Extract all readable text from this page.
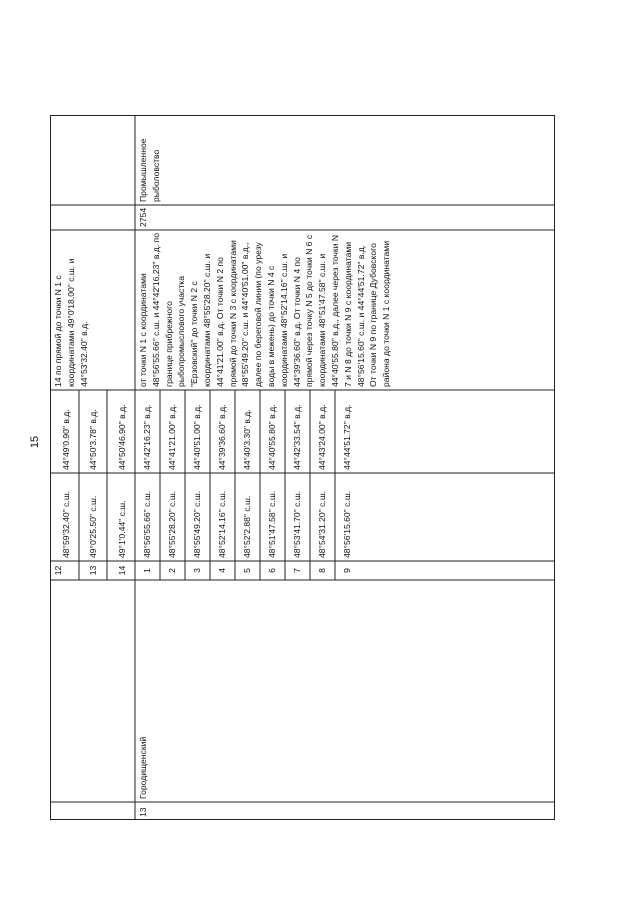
15
12
48°59'32.40" с.ш.
44°49'0.90" в.д.
13
49°0'25.50" с.ш.
44°50'3.78" в.д.
14
49°1'0.44" с.ш.
44°50'46.90" в.д.
14 по прямой до точки N 1 с координатами 49°0'18.00" с.ш. и 44°53'32.40" в.д.
13
Городищенский
2754
Промышленное рыболовство
1
48°56'55.66" с.ш.
44°42'16.23" в.д.
2
48°55'28.20" с.ш.
44°41'21.00" в.д.
3
48°55'49.20" с.ш.
44°40'51.00" в.д.
4
48°52'14.16" с.ш.
44°39'36.60" в.д.
5
48°52'2.88" с.ш.
44°40'3.30" в.д.
6
48°51'47.58" с.ш.
44°40'55.80" в.д.
7
48°53'41.70" с.ш.
44°42'33.54" в.д.
8
48°54'31.20" с.ш.
44°43'24.00" в.д.
9
48°56'15.60" с.ш.
44°44'51.72" в.д.
от точки N 1 с координатами 48°56'55.66" с.ш. и 44°42'16.23" в.д. по границе прибрежного рыбопромыслового участка "Ерзовский" до точки N 2 с координатами 48°55'28.20" с.ш. и 44°41'21.00" в.д. От точки N 2 по прямой до точки N 3 с координатами 48°55'49.20" с.ш. и 44°40'51.00" в.д., далее по береговой линии (по урезу воды в межень) до точки N 4 с координатами 48°52'14.16" с.ш. и 44°39'36.60" в.д. От точки N 4 по прямой через точку N 5 до точки N 6 с координатами 48°51'47.58" с.ш. и 44°40'55.80" в.д., далее через точки N 7 и N 8 до точки N 9 с координатами 48°56'15.60" с.ш. и 44°44'51.72" в.д. От точки N 9 по границе Дубовского района до точки N 1 с координатами
